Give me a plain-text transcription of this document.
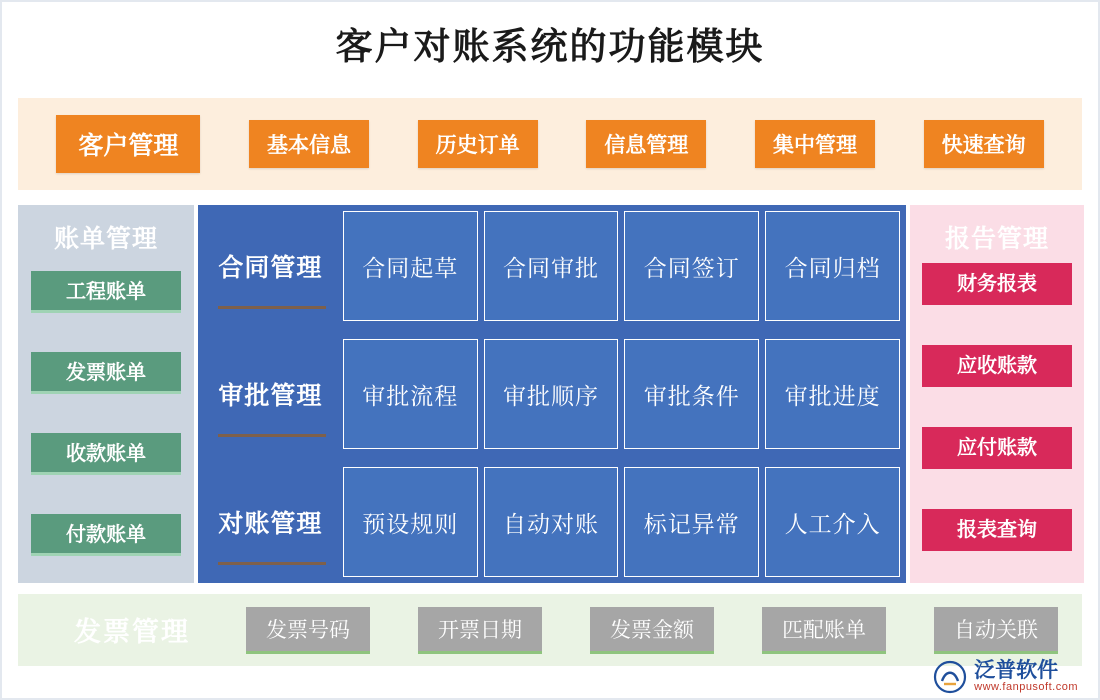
客户对账系统的功能模块
客户管理	基本信息	历史订单	信息管理	集中管理	快速查询
账单管理
工程账单
发票账单
收款账单
付款账单
合同管理	合同起草	合同审批	合同签订	合同归档
审批管理	审批流程	审批顺序	审批条件	审批进度
对账管理	预设规则	自动对账	标记异常	人工介入
报告管理
财务报表
应收账款
应付账款
报表查询
发票管理	发票号码	开票日期	发票金额	匹配账单	自动关联
泛普软件
www.fanpusoft.com
